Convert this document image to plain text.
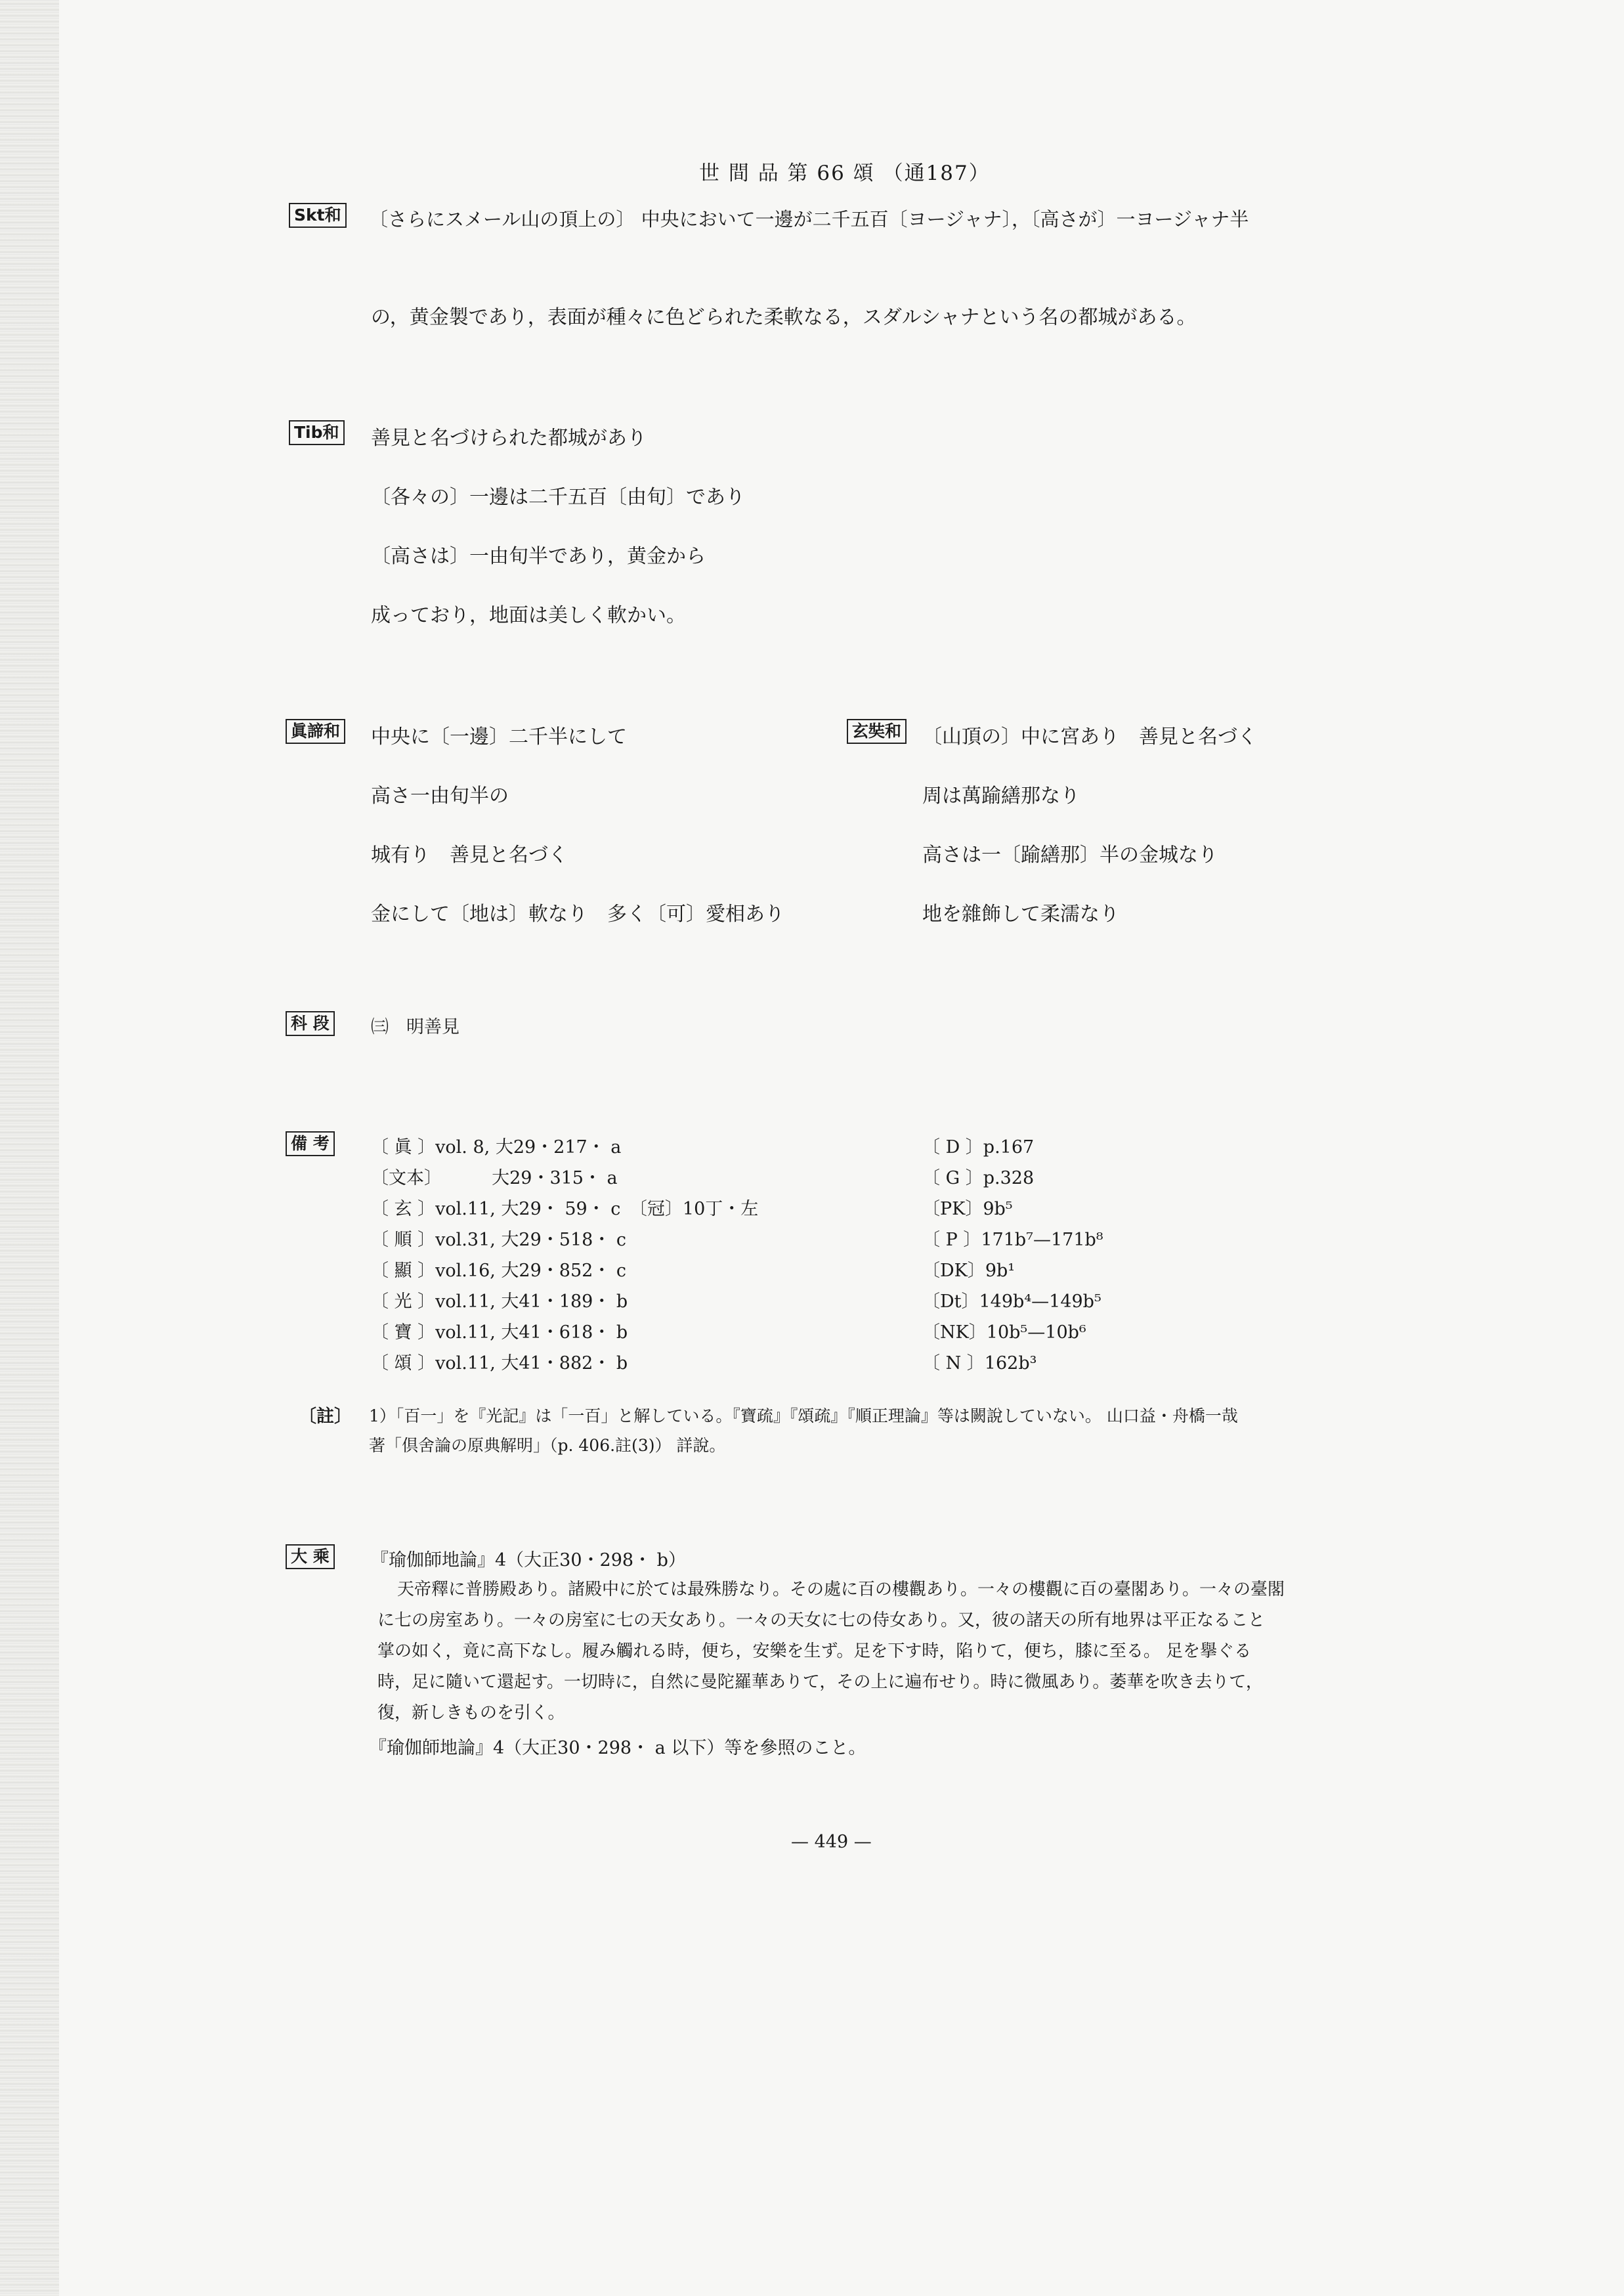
世 間 品 第 66 頌 （通187）
Skt和 〔さらにスメール山の頂上の〕 中央において一邊が二千五百〔ヨージャナ〕，〔高さが〕一ヨージャナ半
の，黄金製であり，表面が種々に色どられた柔軟なる，スダルシャナという名の都城がある。
Tib和 善見と名づけられた都城があり
〔各々の〕一邊は二千五百〔由旬〕であり
〔高さは〕一由旬半であり，黄金から
成っており，地面は美しく軟かい。
眞諦和 中央に〔一邊〕二千半にして
高さ一由旬半の
城有り　善見と名づく
金にして〔地は〕軟なり　多く〔可〕愛相あり
玄奘和 〔山頂の〕中に宮あり　善見と名づく
周は萬踰繕那なり
高さは一〔踰繕那〕半の金城なり
地を雜飾して柔濡なり
科 段 ㈢　明善見
備 考 〔 眞 〕vol. 8, 大29・217・ a
〔文本〕　　　 大29・315・ a
〔 玄 〕vol.11, 大29・ 59・ c　〔冠〕10丁・左
〔 順 〕vol.31, 大29・518・ c
〔 顯 〕vol.16, 大29・852・ c
〔 光 〕vol.11, 大41・189・ b
〔 寶 〕vol.11, 大41・618・ b
〔 頌 〕vol.11, 大41・882・ b
〔 D 〕p.167
〔 G 〕p.328
〔PK〕9b⁵
〔 P 〕171b⁷—171b⁸
〔DK〕9b¹
〔Dt〕149b⁴—149b⁵
〔NK〕10b⁵—10b⁶
〔 N 〕162b³
〔註〕 1）「百一」を『光記』は「一百」と解している。『寶疏』『頌疏』『順正理論』等は闕說していない。 山口益・舟橋一哉
著「倶舍論の原典解明」（p. 406.註(3)） 詳說。
大 乘 『瑜伽師地論』4（大正30・298・ b）
天帝釋に普勝殿あり。諸殿中に於ては最殊勝なり。その處に百の樓觀あり。一々の樓觀に百の臺閣あり。一々の臺閣
に七の房室あり。一々の房室に七の天女あり。一々の天女に七の侍女あり。又，彼の諸天の所有地界は平正なること
掌の如く，竟に高下なし。履み觸れる時，便ち，安樂を生ず。足を下す時，陷りて，便ち，膝に至る。 足を擧ぐる
時，足に隨いて還起す。一切時に，自然に曼陀羅華ありて，その上に遍布せり。時に微風あり。萎華を吹き去りて，
復，新しきものを引く。
『瑜伽師地論』4（大正30・298・ a 以下）等を參照のこと。
— 449 —
